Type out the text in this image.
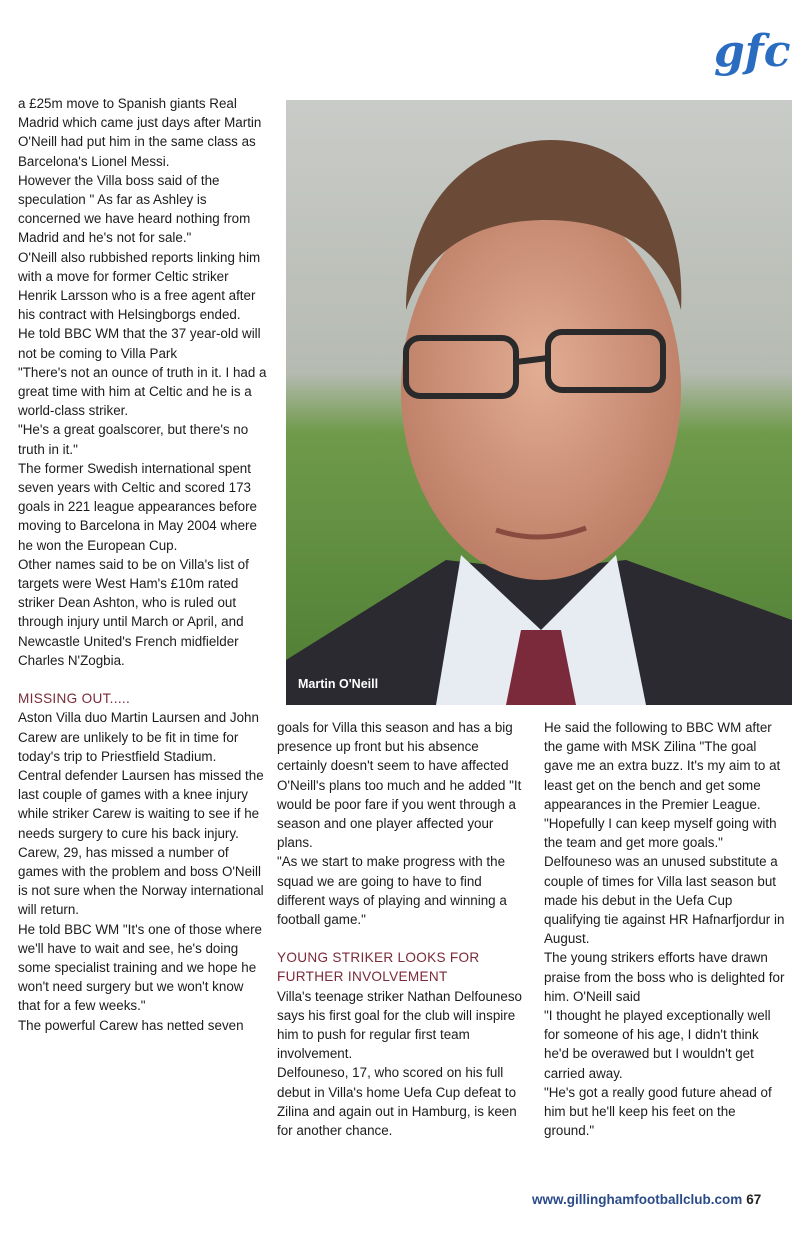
gfc

a £25m move to Spanish giants Real Madrid which came just days after Martin O'Neill had put him in the same class as Barcelona's Lionel Messi.

However the Villa boss said of the speculation " As far as Ashley is concerned we have heard nothing from Madrid and he's not for sale."

O'Neill also rubbished reports linking him with a move for former Celtic striker Henrik Larsson who is a free agent after his contract with Helsingborgs ended.

He told BBC WM that the 37 year-old will not be coming to Villa Park

"There's not an ounce of truth in it. I had a great time with him at Celtic and he is a world-class striker.

"He's a great goalscorer, but there's no truth in it."

The former Swedish international spent seven years with Celtic and scored 173 goals in 221 league appearances before moving to Barcelona in May 2004 where he won the European Cup.

Other names said to be on Villa's list of targets were West Ham's £10m rated striker Dean Ashton, who is ruled out through injury until March or April, and Newcastle United's French midfielder Charles N'Zogbia.

MISSING OUT.....

Aston Villa duo Martin Laursen and John Carew are unlikely to be fit in time for today's trip to Priestfield Stadium.

Central defender Laursen has missed the last couple of games with a knee injury while striker Carew is waiting to see if he needs surgery to cure his back injury.

Carew, 29, has missed a number of games with the problem and boss O'Neill is not sure when the Norway international will return.

He told BBC WM "It's one of those where we'll have to wait and see, he's doing some specialist training and we hope he won't need surgery but we won't know that for a few weeks."

The powerful Carew has netted seven

Martin O'Neill

goals for Villa this season and has a big presence up front but his absence certainly doesn't seem to have affected O'Neill's plans too much and he added "It would be poor fare if you went through a season and one player affected your plans.

"As we start to make progress with the squad we are going to have to find different ways of playing and winning a football game."

YOUNG STRIKER LOOKS FOR FURTHER INVOLVEMENT

Villa's teenage striker Nathan Delfouneso says his first goal for the club will inspire him to push for regular first team involvement.

Delfouneso, 17, who scored on his full debut in Villa's home Uefa Cup defeat to Zilina and again out in Hamburg, is keen for another chance.

He said the following to BBC WM after the game with MSK Zilina "The goal gave me an extra buzz. It's my aim to at least get on the bench and get some appearances in the Premier League.

"Hopefully I can keep myself going with the team and get more goals."

Delfouneso was an unused substitute a couple of times for Villa last season but made his debut in the Uefa Cup qualifying tie against HR Hafnarfjordur in August.

The young strikers efforts have drawn praise from the boss who is delighted for him. O'Neill said

"I thought he played exceptionally well for someone of his age, I didn't think he'd be overawed but I wouldn't get carried away.

"He's got a really good future ahead of him but he'll keep his feet on the ground."

www.gillinghamfootballclub.com 67
